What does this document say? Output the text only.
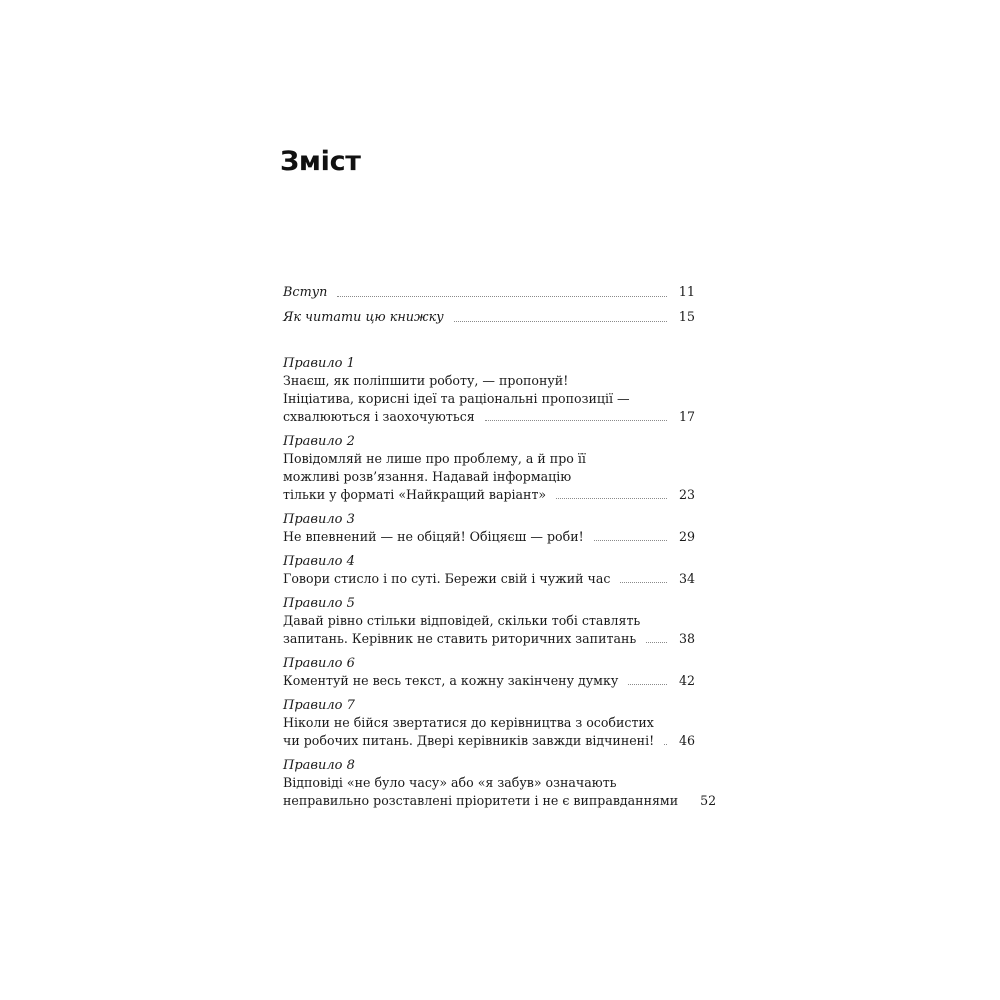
Зміст
Вступ	11
Як читати цю книжку	15
Правило 1
Знаєш, як поліпшити роботу, — пропонуй!
Ініціатива, корисні ідеї та раціональні пропозиції —
схвалюються і заохочуються	17
Правило 2
Повідомляй не лише про проблему, а й про її
можливі розв’язання. Надавай інформацію
тільки у форматі «Найкращий варіант»	23
Правило 3
Не впевнений — не обіцяй! Обіцяєш — роби!	29
Правило 4
Говори стисло і по суті. Бережи свій і чужий час	34
Правило 5
Давай рівно стільки відповідей, скільки тобі ставлять
запитань. Керівник не ставить риторичних запитань	38
Правило 6
Коментуй не весь текст, а кожну закінчену думку	42
Правило 7
Ніколи не бійся звертатися до керівництва з особистих
чи робочих питань. Двері керівників завжди відчинені! 46
Правило 8
Відповіді «не було часу» або «я забув» означають
неправильно розставлені пріоритети і не є виправданнями 52
